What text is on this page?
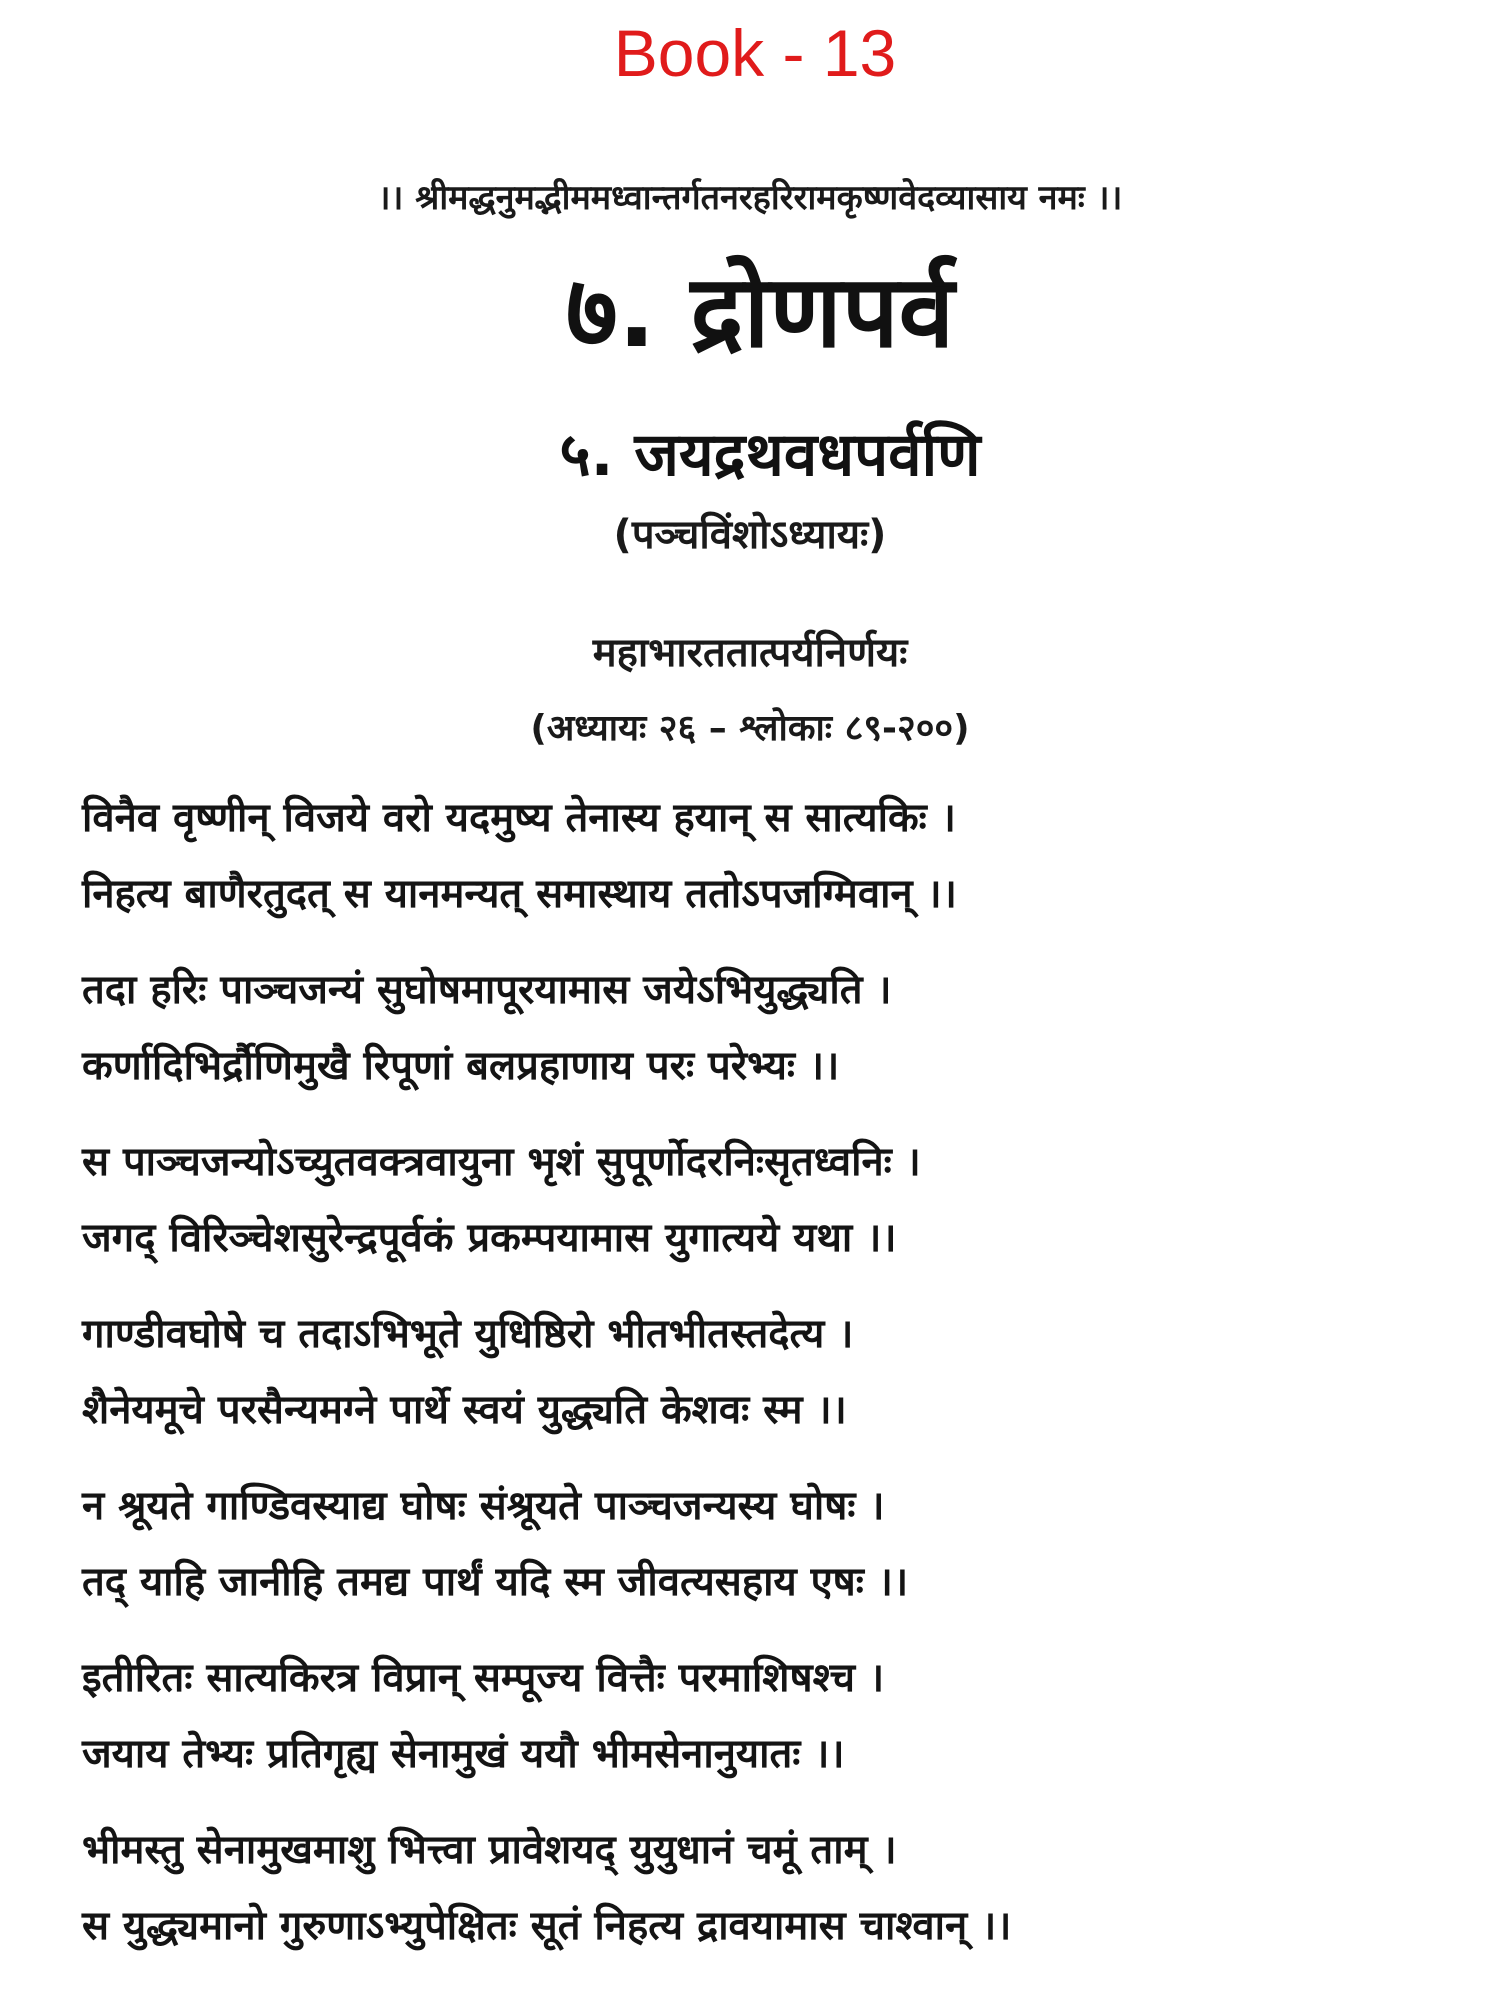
Book - 13
।। श्रीमद्धनुमद्भीममध्वान्तर्गतनरहरिरामकृष्णवेदव्यासाय नमः ।।
७. द्रोणपर्व
५. जयद्रथवधपर्वणि
(पञ्चविंशोऽध्यायः)
महाभारततात्पर्यनिर्णयः
(अध्यायः २६ – श्लोकाः ८९-२००)
विनैव वृष्णीन् विजये वरो यदमुष्य तेनास्य हयान् स सात्यकिः ।
निहत्य बाणैरतुदत् स यानमन्यत् समास्थाय ततोऽपजग्मिवान् ।।
तदा हरिः पाञ्चजन्यं सुघोषमापूरयामास जयेऽभियुद्ध्यति ।
कर्णादिभिर्द्रौणिमुखै रिपूणां बलप्रहाणाय परः परेभ्यः ।।
स पाञ्चजन्योऽच्युतवक्त्रवायुना भृशं सुपूर्णोदरनिःसृतध्वनिः ।
जगद् विरिञ्चेशसुरेन्द्रपूर्वकं प्रकम्पयामास युगात्यये यथा ।।
गाण्डीवघोषे च तदाऽभिभूते युधिष्ठिरो भीतभीतस्तदेत्य ।
शैनेयमूचे परसैन्यमग्ने पार्थे स्वयं युद्ध्यति केशवः स्म ।।
न श्रूयते गाण्डिवस्याद्य घोषः संश्रूयते पाञ्चजन्यस्य घोषः ।
तद् याहि जानीहि तमद्य पार्थं यदि स्म जीवत्यसहाय एषः ।।
इतीरितः सात्यकिरत्र विप्रान् सम्पूज्य वित्तैः परमाशिषश्च ।
जयाय तेभ्यः प्रतिगृह्य सेनामुखं ययौ भीमसेनानुयातः ।।
भीमस्तु सेनामुखमाशु भित्त्वा प्रावेशयद् युयुधानं चमूं ताम् ।
स युद्ध्यमानो गुरुणाऽभ्युपेक्षितः सूतं निहत्य द्रावयामास चाश्वान् ।।
